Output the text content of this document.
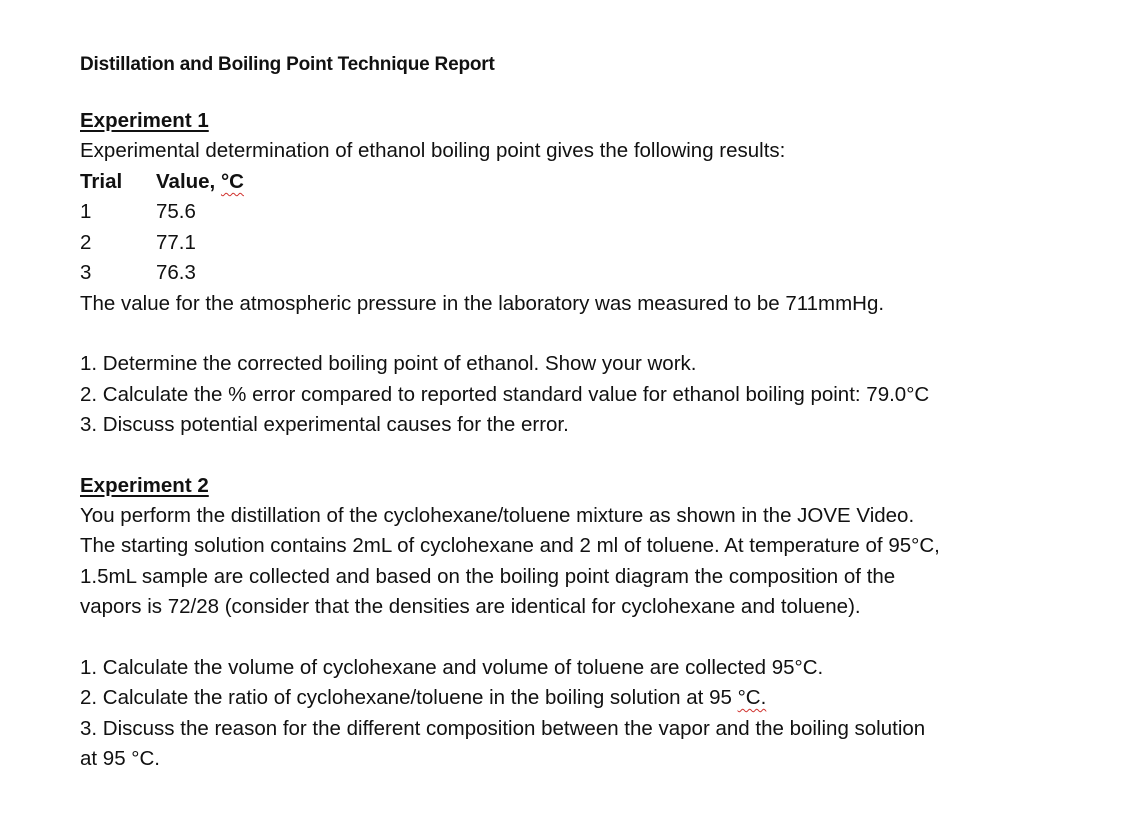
Distillation and Boiling Point Technique Report
Experiment 1
Experimental determination of ethanol boiling point gives the following results:
Trial	Value, °C
1	75.6
2	77.1
3	76.3
The value for the atmospheric pressure in the laboratory was measured to be 711mmHg.
1. Determine the corrected boiling point of ethanol. Show your work.
2. Calculate the % error compared to reported standard value for ethanol boiling point: 79.0°C
3. Discuss potential experimental causes for the error.
Experiment 2
You perform the distillation of the cyclohexane/toluene mixture as shown in the JOVE Video.
The starting solution contains 2mL of cyclohexane and 2 ml of toluene. At temperature of 95°C,
1.5mL sample are collected and based on the boiling point diagram the composition of the
vapors is 72/28 (consider that the densities are identical for cyclohexane and toluene).
1. Calculate the volume of cyclohexane and volume of toluene are collected 95°C.
2. Calculate the ratio of cyclohexane/toluene in the boiling solution at 95 °C.
3. Discuss the reason for the different composition between the vapor and the boiling solution
at 95 °C.
